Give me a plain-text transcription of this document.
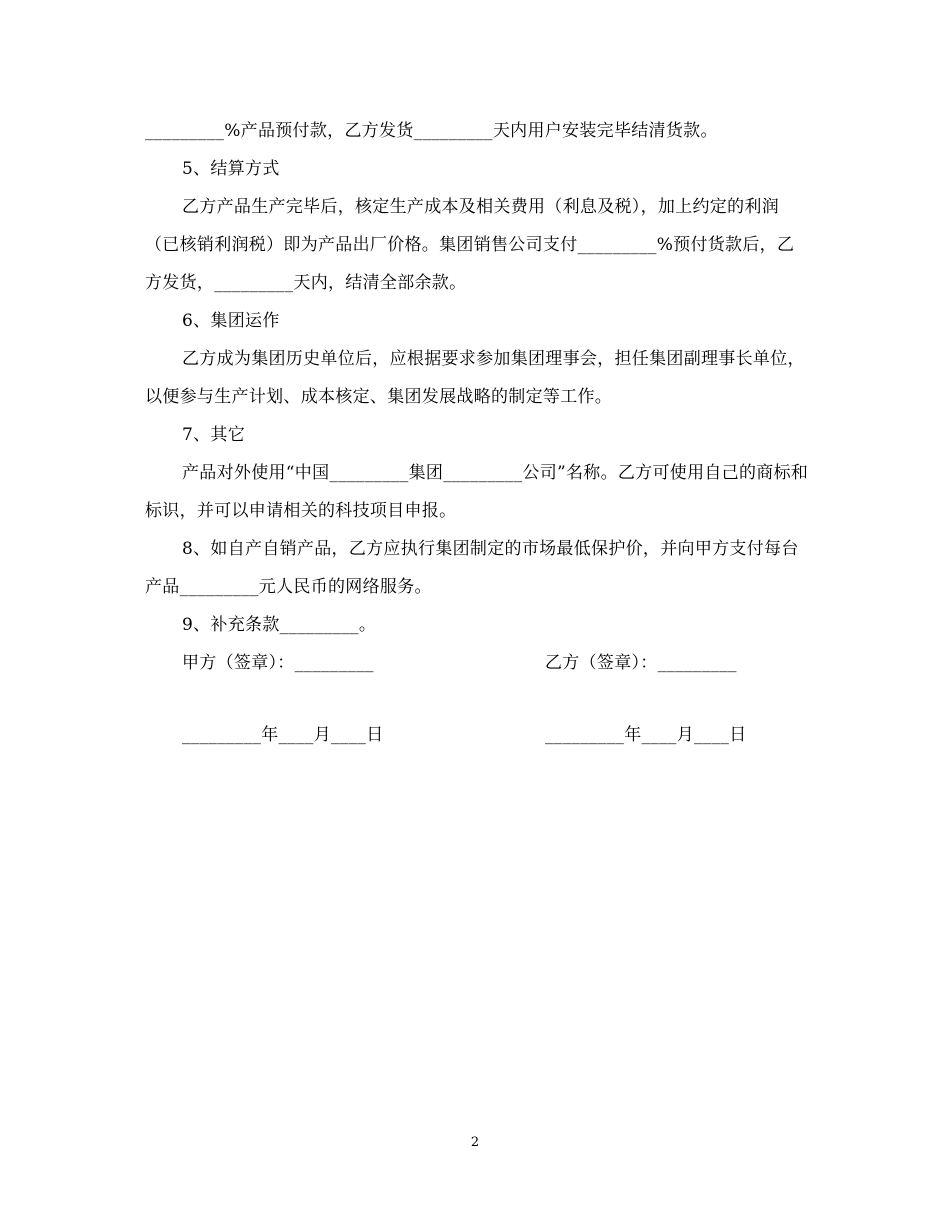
_________%产品预付款，乙方发货_________天内用户安装完毕结清货款。

5、结算方式

乙方产品生产完毕后，核定生产成本及相关费用（利息及税），加上约定的利润（已核销利润税）即为产品出厂价格。集团销售公司支付_________%预付货款后，乙方发货，_________天内，结清全部余款。

6、集团运作

乙方成为集团历史单位后，应根据要求参加集团理事会，担任集团副理事长单位，以便参与生产计划、成本核定、集团发展战略的制定等工作。

7、其它

产品对外使用“中国_________集团_________公司”名称。乙方可使用自己的商标和标识，并可以申请相关的科技项目申报。

8、如自产自销产品，乙方应执行集团制定的市场最低保护价，并向甲方支付每台产品_________元人民币的网络服务。

9、补充条款_________。

甲方（签章）：_________	乙方（签章）：_________
_________年____月____日	_________年____月____日
2
